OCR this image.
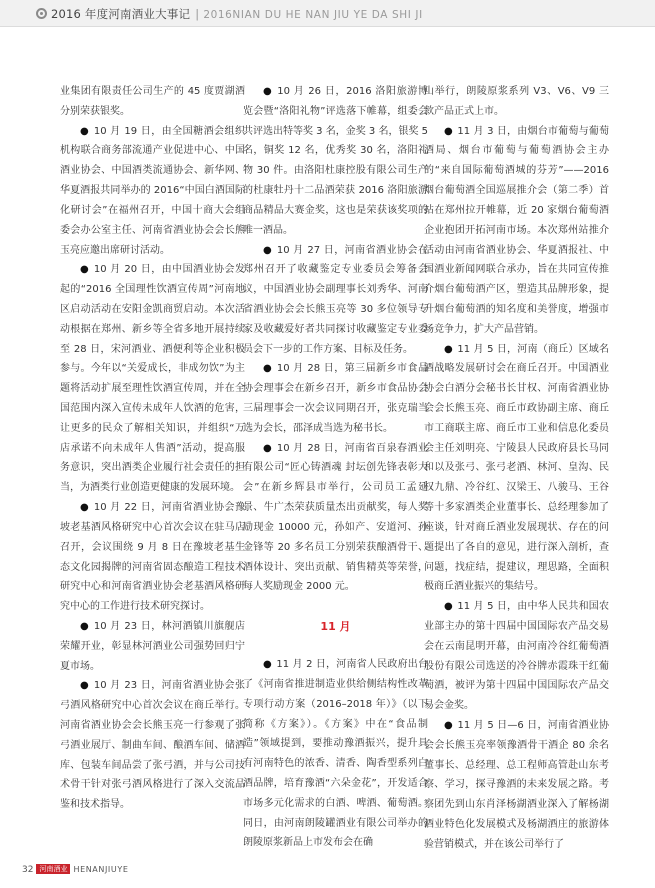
2016 年度河南酒业大事记 | 2016NIAN DU HE NAN JIU YE DA SHI JI

业集团有限责任公司生产的 45 度贾湖酒分别荣获银奖。

● 10 月 19 日，由全国糖酒会组织机构联合商务部流通产业促进中心、中国酒业协会、中国酒类流通协会、新华网、华夏酒报共同举办的 2016“中国白酒国际化研讨会”在福州召开，中国十商大会组委会办公室主任、河南省酒业协会会长熊玉亮应邀出席研讨活动。

● 10 月 20 日，由中国酒业协会发起的“2016 全国理性饮酒宣传周”河南地区启动活动在安阳金凯商贸启动。本次活动根据在郑州、新乡等全省多地开展持续至 28 日，宋河酒业、酒便利等企业积极参与。今年以“关爱成长，非成勿饮”为主题将活动扩展至理性饮酒宣传周，并在全国范围内深入宣传未成年人饮酒的危害，让更多的民众了解相关知识，并组织“万店承诺不向未成年人售酒”活动，提高服务意识，突出酒类企业履行社会责任的担当，为酒类行业创造更健康的发展环境。

● 10 月 22 日，河南省酒业协会豫坡老基酒风格研究中心首次会议在驻马店召开，会议围绕 9 月 8 日在豫坡老基生态文化园揭牌的河南省固态酿造工程技术研究中心和河南省酒业协会老基酒风格研究中心的工作进行技术研究探讨。

● 10 月 23 日，林河酒镇川旗舰店荣耀开业，彰显林河酒业公司强势回归宁夏市场。

● 10 月 23 日，河南省酒业协会张弓酒风格研究中心首次会议在商丘举行。河南省酒业协会会长熊玉亮一行参观了张弓酒业展厅、制曲车间、酿酒车间、储酒库、包装车间品尝了张弓酒，并与公司技术骨干针对张弓酒风格进行了深入交流品鉴和技术指导。

● 10 月 26 日，2016 洛阳旅游博览会暨“洛阳礼物”评选落下帷幕，组委会共评选出特等奖 3 名，金奖 3 名，银奖 5 名，铜奖 12 名，优秀奖 30 名，洛阳礼物 30 件。由洛阳杜康控股有限公司生产的杜康牡丹十二品酒荣获 2016 洛阳旅游商品精品大赛金奖，这也是荣获该奖项的唯一酒品。

● 10 月 27 日，河南省酒业协会在郑州召开了收藏鉴定专业委员会筹备会议，中国酒业协会副理事长刘秀华、河南省酒业协会会长熊玉亮等 30 多位领导专家及收藏爱好者共同探讨收藏鉴定专业委员会下一步的工作方案、目标及任务。

● 10 月 28 日，第三届新乡市食品协会理事会在新乡召开，新乡市食品协会三届理事会一次会议同期召开，张克瑞当选为会长，邵泽成当选为秘书长。

● 10 月 28 日，河南省百泉春酒业有限公司“匠心铸酒魂 封坛创先锋表彰大会”在新乡辉县市举行，公司员工孟延景、牛广杰荣获质量杰出贡献奖，每人奖励现金 10000 元，孙如产、安道河、孙金锋等 20 多名员工分别荣获酿酒骨干、酒体设计、突出贡献、销售精英等荣誉，每人奖励现金 2000 元。

11 月

● 11 月 2 日，河南省人民政府出台了《河南省推进制造业供给侧结构性改革专项行动方案（2016–2018 年）》（以下简称《方案》）。《方案》中在“食品制造”领域提到，要推动豫酒振兴，提升具有河南特色的浓香、清香、陶香型系列白酒品牌，培育豫酒“六朵金花”，开发适合市场多元化需求的白酒、啤酒、葡萄酒。同日，由河南朗陵罐酒业有限公司举办的朗陵原浆新品上市发布会在确

山举行，朗陵原浆系列 V3、V6、V9 三款产品正式上市。

● 11 月 3 日，由烟台市葡萄与葡萄酒局、烟台市葡萄与葡萄酒协会主办的“来自国际葡萄酒城的芬芳”——2016 烟台葡萄酒全国巡展推介会（第二季）首站在郑州拉开帷幕，近 20 家烟台葡萄酒企业抱团开拓河南市场。本次郑州站推介活动由河南省酒业协会、华夏酒报社、中国酒业新闻网联合承办，旨在共同宣传推介烟台葡萄酒产区，塑造其品牌形象，提升烟台葡萄酒的知名度和美誉度，增强市场竞争力，扩大产品营销。

● 11 月 5 日，河南（商丘）区域名酒战略发展研讨会在商丘召开。中国酒业协会白酒分会秘书长甘权、河南省酒业协会会长熊玉亮、商丘市政协副主席、商丘市工商联主席、商丘市工业和信息化委员会主任刘明亮、宁陵县人民政府县长马同和以及张弓、张弓老酒、林河、皇沟、民权九鼎、冷谷红、汉梁王、八骏马、王谷等十多家酒类企业董事长、总经理参加了座谈，针对商丘酒业发展现状、存在的问题提出了各自的意见，进行深入剖析，查问题，找症结，提建议，理思路，全面积极商丘酒业振兴的集结号。

● 11 月 5 日，由中华人民共和国农业部主办的第十四届中国国际农产品交易会在云南昆明开幕，由河南冷谷红葡萄酒股份有限公司选送的冷谷牌赤霞珠干红葡萄酒，被评为第十四届中国国际农产品交易会金奖。

● 11 月 5 日—6 日，河南省酒业协会会长熊玉亮率领豫酒骨干酒企 80 余名董事长、总经理、总工程师高管赴山东考察、学习，探寻豫酒的未来发展之路。考察团先到山东肖泽杨湖酒业深入了解杨湖酒业特色化发展模式及杨湖酒庄的旅游体验营销模式，并在该公司举行了

32 河南酒业 HENANJIUYE
